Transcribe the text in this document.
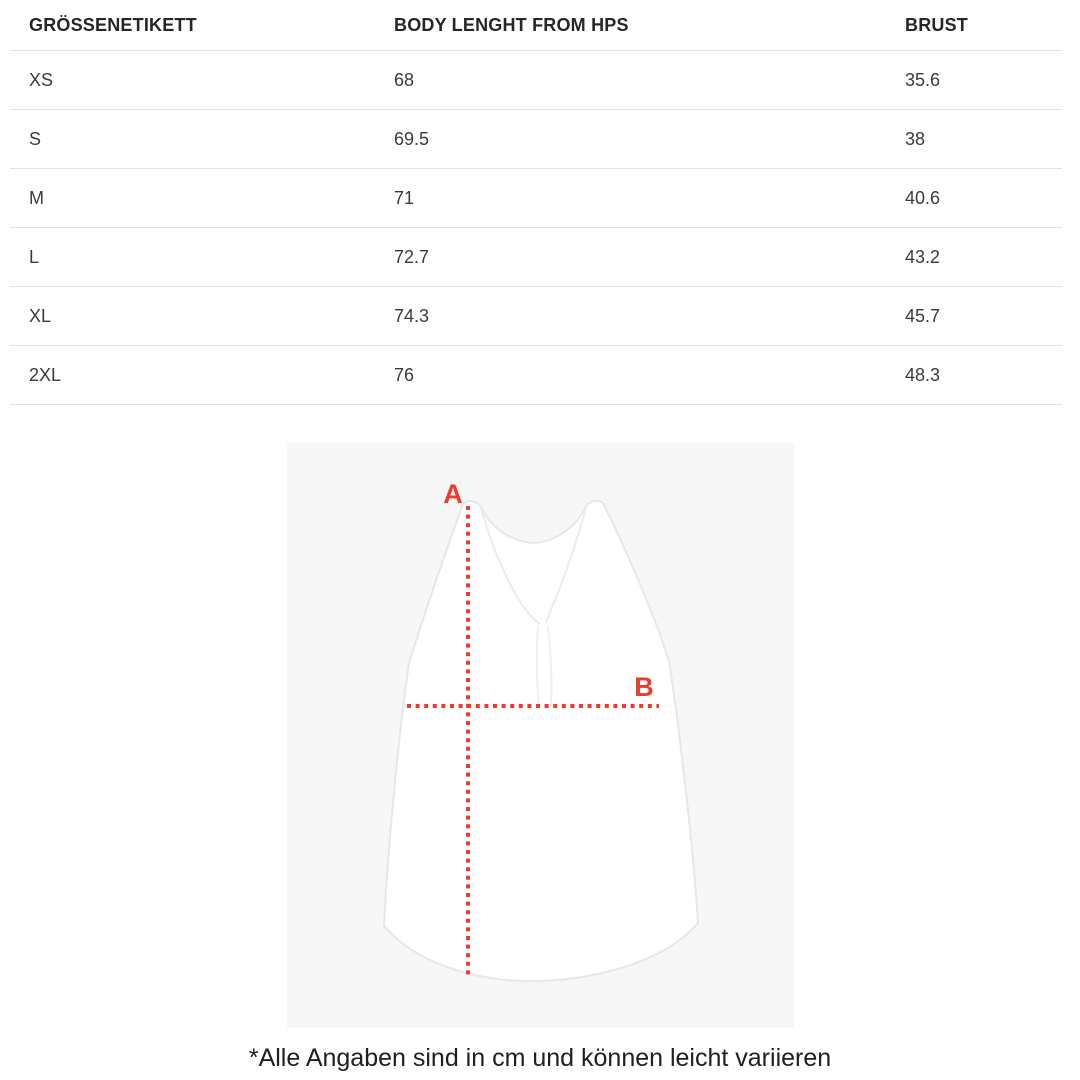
GRÖSSENETIKETT	BODY LENGHT FROM HPS	BRUST
XS	68	35.6
S	69.5	38
M	71	40.6
L	72.7	43.2
XL	74.3	45.7
2XL	76	48.3
A
B
*Alle Angaben sind in cm und können leicht variieren
